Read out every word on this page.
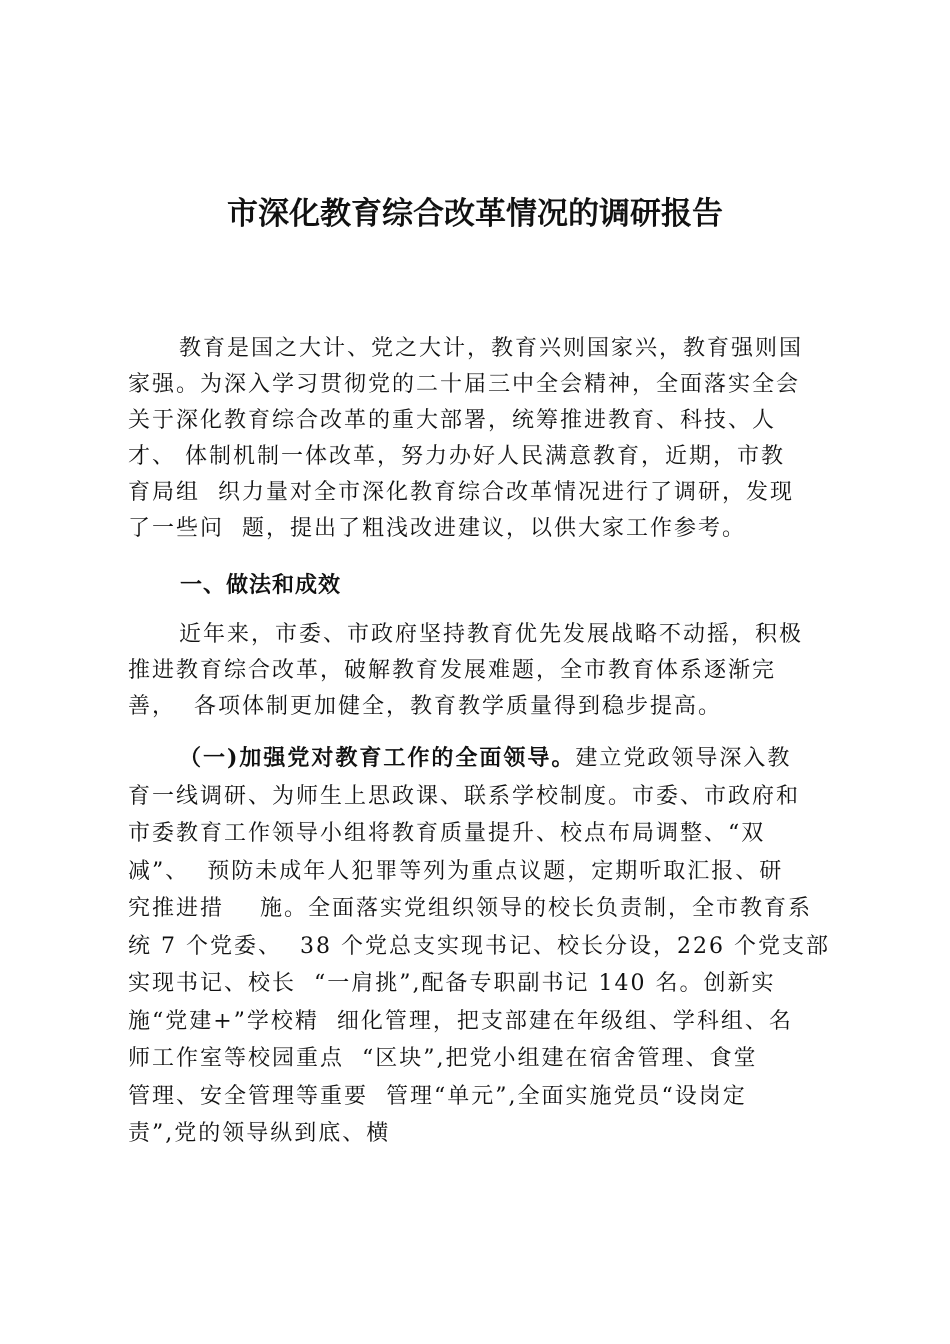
市深化教育综合改革情况的调研报告
教育是国之大计、党之大计，教育兴则国家兴，教育强则国
家强。为深入学习贯彻党的二十届三中全会精神，全面落实全会
关于深化教育综合改革的重大部署，统筹推进教育、科技、人
才、 体制机制一体改革，努力办好人民满意教育，近期，市教
育局组  织力量对全市深化教育综合改革情况进行了调研，发现
了一些问  题，提出了粗浅改进建议，以供大家工作参考。
一、做法和成效
近年来，市委、市政府坚持教育优先发展战略不动摇，积极
推进教育综合改革，破解教育发展难题，全市教育体系逐渐完
善，  各项体制更加健全，教育教学质量得到稳步提高。
（一)加强党对教育工作的全面领导。建立党政领导深入教
育一线调研、为师生上思政课、联系学校制度。市委、市政府和
市委教育工作领导小组将教育质量提升、校点布局调整、“双
减”、  预防未成年人犯罪等列为重点议题，定期听取汇报、研
究推进措    施。全面落实党组织领导的校长负责制，全市教育系
统 7 个党委、  38 个党总支实现书记、校长分设，226 个党支部
实现书记、校长  “一肩挑”,配备专职副书记 140 名。创新实
施“党建+”学校精  细化管理，把支部建在年级组、学科组、名
师工作室等校园重点  “区块”,把党小组建在宿舍管理、食堂
管理、安全管理等重要  管理“单元”,全面实施党员“设岗定
责”,党的领导纵到底、横
